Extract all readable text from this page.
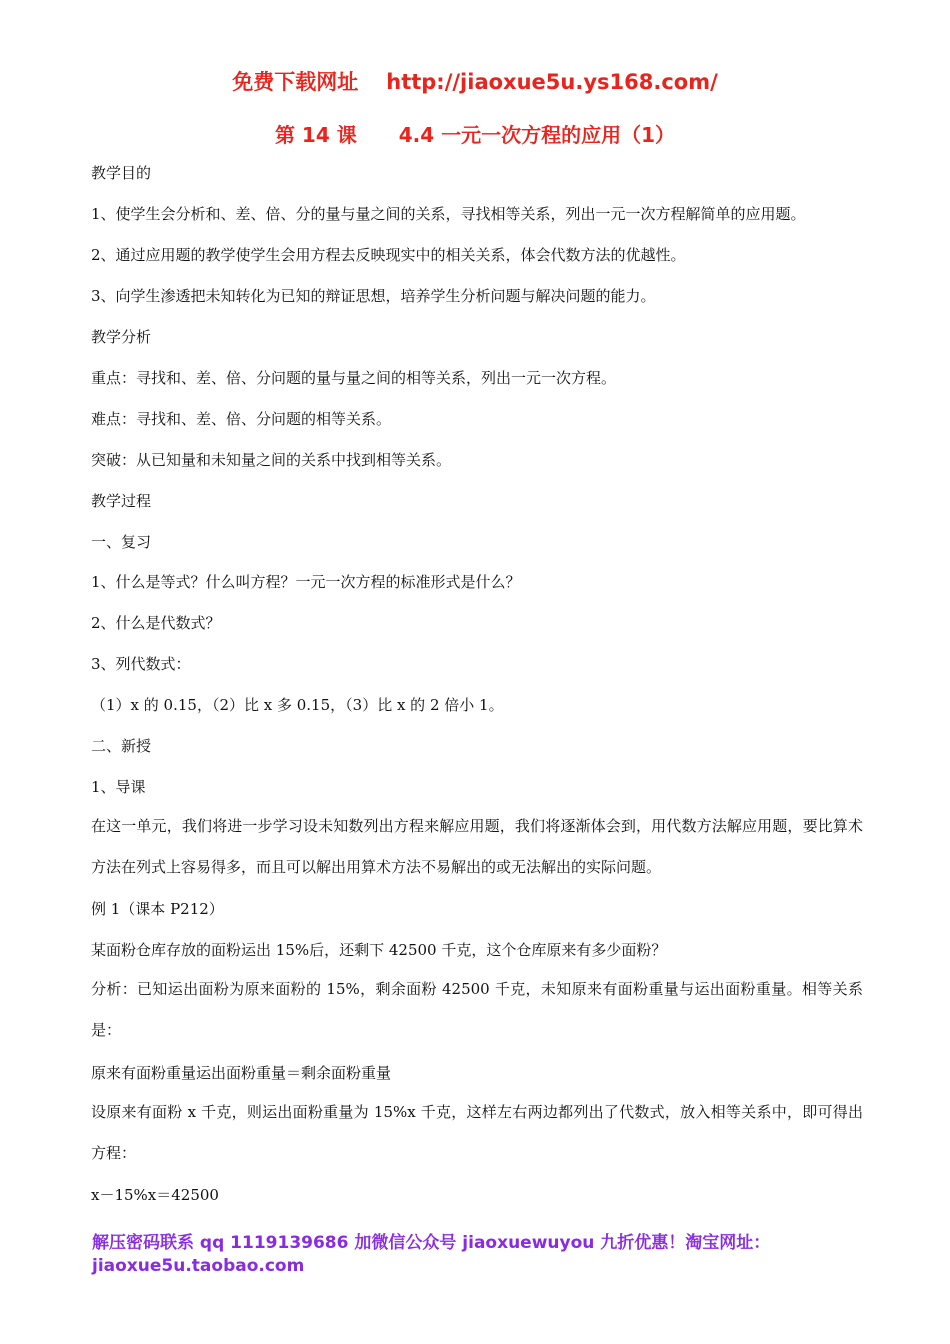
免费下载网址 http://jiaoxue5u.ys168.com/
第 14 课 4.4 一元一次方程的应用（1）
教学目的
1、使学生会分析和、差、倍、分的量与量之间的关系，寻找相等关系，列出一元一次方程解简单的应用题。
2、通过应用题的教学使学生会用方程去反映现实中的相关关系，体会代数方法的优越性。
3、向学生渗透把未知转化为已知的辩证思想，培养学生分析问题与解决问题的能力。
教学分析
重点：寻找和、差、倍、分问题的量与量之间的相等关系，列出一元一次方程。
难点：寻找和、差、倍、分问题的相等关系。
突破：从已知量和未知量之间的关系中找到相等关系。
教学过程
一、复习
1、什么是等式？什么叫方程？一元一次方程的标准形式是什么？
2、什么是代数式？
3、列代数式：
（1）x 的 0.15，（2）比 x 多 0.15，（3）比 x 的 2 倍小 1。
二、新授
1、导课
在这一单元，我们将进一步学习设未知数列出方程来解应用题，我们将逐渐体会到，用代数方法解应用题，要比算术方法在列式上容易得多，而且可以解出用算术方法不易解出的或无法解出的实际问题。
例 1（课本 P212）
某面粉仓库存放的面粉运出 15%后，还剩下 42500 千克，这个仓库原来有多少面粉？
分析：已知运出面粉为原来面粉的 15%，剩余面粉 42500 千克，未知原来有面粉重量与运出面粉重量。相等关系是：
原来有面粉重量运出面粉重量＝剩余面粉重量
设原来有面粉 x 千克，则运出面粉重量为 15%x 千克，这样左右两边都列出了代数式，放入相等关系中，即可得出方程：
x－15%x＝42500
解压密码联系 qq 1119139686 加微信公众号 jiaoxuewuyou 九折优惠！淘宝网址：jiaoxue5u.taobao.com
